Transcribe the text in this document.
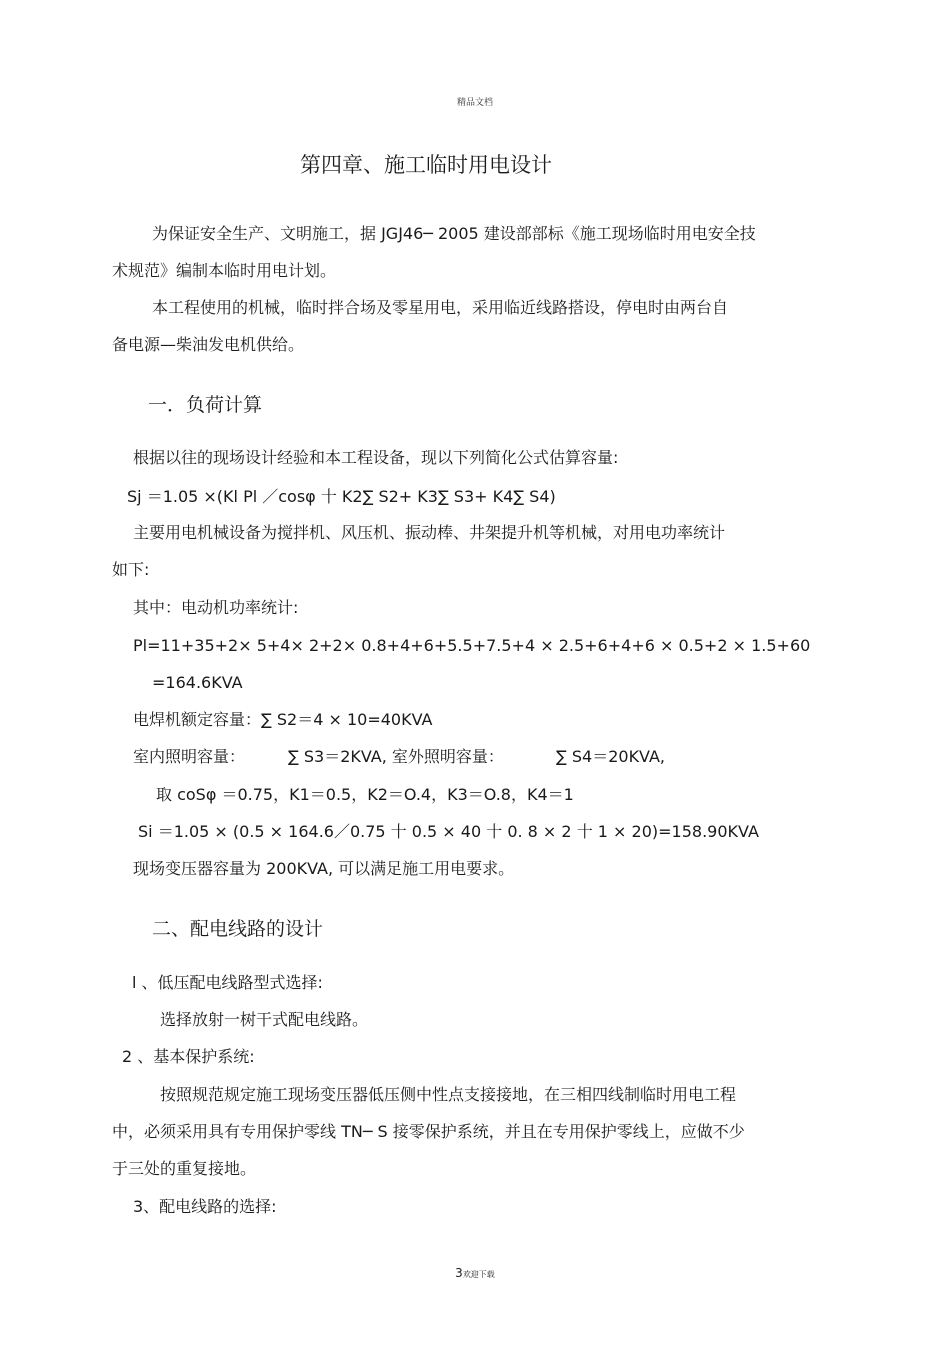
精品文档
第四章、施工临时用电设计
为保证安全生产、文明施工，据 JGJ46─ 2005 建设部部标《施工现场临时用电安全技
术规范》编制本临时用电计划。
本工程使用的机械，临时拌合场及零星用电，采用临近线路搭设，停电时由两台自
备电源—柴油发电机供给。
一．负荷计算
根据以往的现场设计经验和本工程设备，现以下列简化公式估算容量:
Sj ＝1.05 ×(Kl Pl ／cosφ 十 K2∑ S2+ K3∑ S3+ K4∑ S4)
主要用电机械设备为搅拌机、风压机、振动棒、井架提升机等机械，对用电功率统计
如下:
其中：电动机功率统计:
Pl=11+35+2× 5+4× 2+2× 0.8+4+6+5.5+7.5+4 × 2.5+6+4+6 × 0.5+2 × 1.5+60
=164.6KVA
电焊机额定容量：∑ S2＝4 × 10=40KVA
室内照明容量：	∑ S3＝2KVA, 室外照明容量：	∑ S4＝20KVA,
取 coSφ ＝0.75，K1＝0.5，K2＝O.4，K3＝O.8，K4＝1
Si ＝1.05 × (0.5 × 164.6／0.75 十 0.5 × 40 十 0. 8 × 2 十 1 × 20)=158.90KVA
现场变压器容量为 200KVA, 可以满足施工用电要求。
二、配电线路的设计
l 、低压配电线路型式选择:
选择放射一树干式配电线路。
2 、基本保护系统:
按照规范规定施工现场变压器低压侧中性点支接接地，在三相四线制临时用电工程
中，必须采用具有专用保护零线 TN─ S 接零保护系统，并且在专用保护零线上，应做不少
于三处的重复接地。
3、配电线路的选择:
3欢迎下载
